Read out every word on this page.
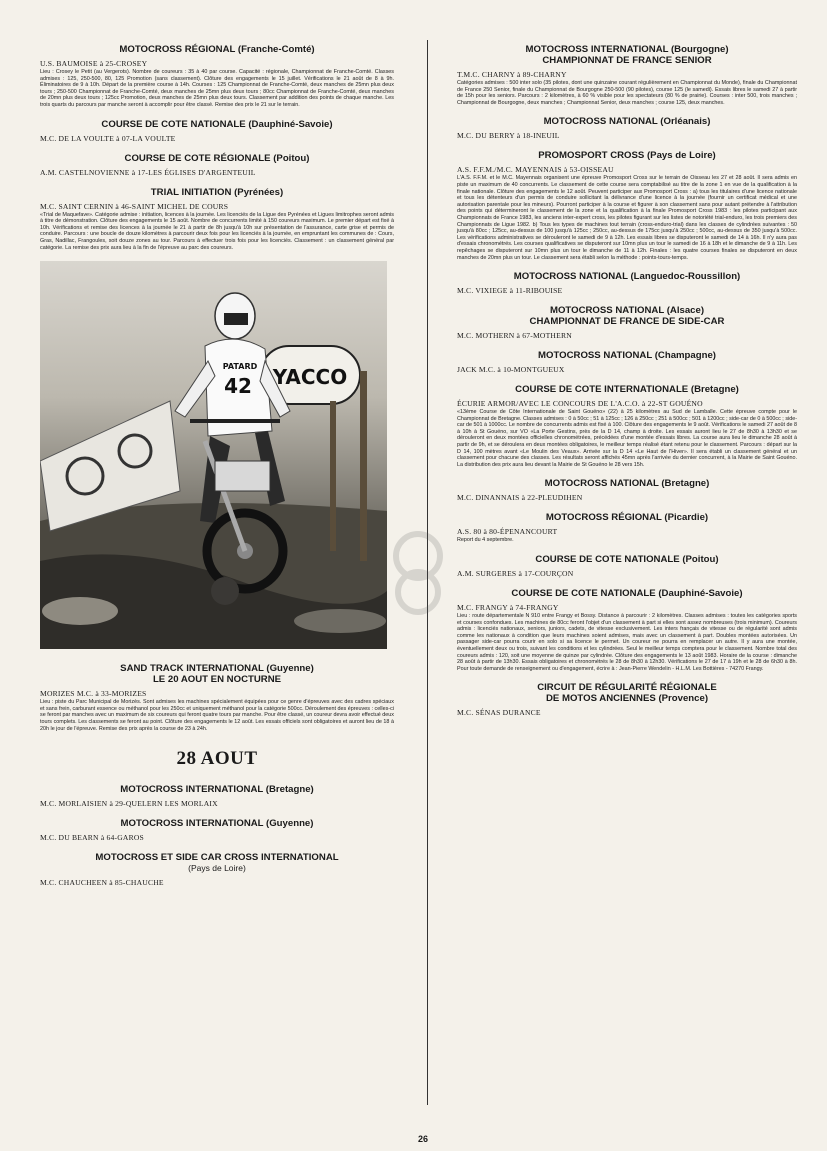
MOTOCROSS RÉGIONAL (Franche-Comté)
U.S. BAUMOISE à 25-CROSEY

Lieu : Crosey le Petit (au Vergerots). Nombre de coureurs : 35 à 40 par course. Capacité : régionale, Championnat de Franche-Comté. Classes admises : 125, 250-500, 80, 125 Promotion (sans classement). Clôture des engagements le 15 juillet. Vérifications le 21 août de 8 à 9h. Éliminatoires de 9 à 10h. Départ de la première course à 14h. Courses : 125 Championnat de Franche-Comté, deux manches de 25mn plus deux tours ; 250-500 Championnat de Franche-Comté, deux manches de 25mn plus deux tours ; 80cc Championnat de Franche-Comté, deux manches de 20mn plus deux tours ; 125cc Promotion, deux manches de 25mn plus deux tours. Classement par addition des points de chaque manche. Les trois quarts du parcours par manche seront à accomplir pour être classé. Remise des prix le 21 sur le terrain.

COURSE DE COTE NATIONALE (Dauphiné-Savoie)
M.C. DE LA VOULTE à 07-LA VOULTE
COURSE DE COTE RÉGIONALE (Poitou)
A.M. CASTELNOVIENNE à 17-LES ÉGLISES D'ARGENTEUIL
TRIAL INITIATION (Pyrénées)
M.C. SAINT CERNIN à 46-SAINT MICHEL DE COURS

«Trial de Maquefave». Catégorie admise : initiation, licences à la journée. Les licenciés de la Ligue des Pyrénées et Ligues limitrophes seront admis à titre de démonstration. Clôture des engagements le 15 août. Nombre de concurrents limité à 150 coureurs maximum. Le premier départ est fixé à 10h. Vérifications et remise des licences à la journée le 21 à partir de 8h jusqu'à 10h sur présentation de l'assurance, carte grise et permis de conduire. Parcours : une boucle de douze kilomètres à parcourir deux fois pour les licenciés à la journée, en empruntant les communes de : Cours, Gras, Nadillac, Frangoules, soit douze zones au tour. Parcours à effectuer trois fois pour les licenciés. Classement : un classement général par catégorie. La remise des prix aura lieu à la fin de l'épreuve au parc des coureurs.

YACCO
PATARD
42
SAND TRACK INTERNATIONAL (Guyenne)
LE 20 AOUT EN NOCTURNE
MORIZES M.C. à 33-MORIZES

Lieu : piste du Parc Municipal de Morizès. Sont admises les machines spécialement équipées pour ce genre d'épreuves avec des cadres spéciaux et sans frein, carburant essence ou méthanol pour les 250cc et uniquement méthanol pour la catégorie 500cc. Déroulement des épreuves : celles-ci se feront par manches avec un maximum de six coureurs qui feront quatre tours par manche. Pour être classé, un coureur devra avoir effectué deux tours complets. Les classements se feront au point. Clôture des engagements le 12 août. Les essais officiels sont obligatoires et auront lieu de 18 à 20h le jour de l'épreuve. Remise des prix après la course de 23 à 24h.

28 AOUT
MOTOCROSS INTERNATIONAL (Bretagne)
M.C. MORLAISIEN à 29-QUELERN LES MORLAIX
MOTOCROSS INTERNATIONAL (Guyenne)
M.C. DU BEARN à 64-GAROS
MOTOCROSS ET SIDE CAR CROSS INTERNATIONAL
(Pays de Loire)
M.C. CHAUCHEEN à 85-CHAUCHE
MOTOCROSS INTERNATIONAL (Bourgogne)
CHAMPIONNAT DE FRANCE SENIOR
T.M.C. CHARNY à 89-CHARNY

Catégories admises : 500 inter solo (35 pilotes, dont une quinzaine courant régulièrement en Championnat du Monde), finale du Championnat de France 250 Senior, finale du Championnat de Bourgogne 250-500 (90 pilotes), course 125 (le samedi). Essais libres le samedi 27 à partir de 15h pour les seniors. Parcours : 2 kilomètres, à 60 % visible pour les spectateurs (80 % de prairie). Courses : inter 500, trois manches ; Championnat de Bourgogne, deux manches ; Championnat Senior, deux manches ; course 125, deux manches.

MOTOCROSS NATIONAL (Orléanais)
M.C. DU BERRY à 18-INEUIL
PROMOSPORT CROSS (Pays de Loire)
A.S. F.F.M./M.C. MAYENNAIS à 53-OISSEAU

L'A.S. F.F.M. et le M.C. Mayennais organisent une épreuve Promosport Cross sur le terrain de Oisseau les 27 et 28 août. Il sera admis en piste un maximum de 40 concurrents. Le classement de cette course sera comptabilisé au titre de la zone 1 en vue de la qualification à la finale nationale. Clôture des engagements le 12 août. Peuvent participer aux Promosport Cross : a) tous les titulaires d'une licence nationale et tous les détenteurs d'un permis de conduire sollicitant la délivrance d'une licence à la journée (fournir un certificat médical et une autorisation parentale pour les mineurs). Pourront participer à la course et figurer à son classement sans pour autant prétendre à l'attribution des points qui détermineront le classement de la zone et la qualification à la finale Promosport Cross 1983 : les pilotes participant aux Championnats de France 1983, les anciens inter-expert cross, les pilotes figurant sur les listes de notoriété trial-enduro, les trois premiers des Championnats de Ligue 1982. b) Tous les types de machines tout terrain (cross-enduro-trial) dans les classes de cylindrées suivantes : 50 jusqu'à 80cc ; 125cc, au-dessus de 100 jusqu'à 125cc ; 250cc, au-dessus de 175cc jusqu'à 250cc ; 500cc, au-dessus de 350 jusqu'à 500cc. Les vérifications administratives se dérouleront le samedi de 9 à 12h. Les essais libres se disputeront le samedi de 14 à 16h. Il n'y aura pas d'essais chronométrés. Les courses qualificatives se disputeront sur 10mn plus un tour le samedi de 16 à 18h et le dimanche de 9 à 11h. Les repêchages se disputeront sur 10mn plus un tour le dimanche de 11 à 12h. Finales : les quatre courses finales se disputeront en deux manches de 20mn plus un tour. Le classement sera établi selon la méthode : points-tours-temps.

MOTOCROSS NATIONAL (Languedoc-Roussillon)
M.C. VIXIEGE à 11-RIBOUISE
MOTOCROSS NATIONAL (Alsace)
CHAMPIONNAT DE FRANCE DE SIDE-CAR
M.C. MOTHERN à 67-MOTHERN
MOTOCROSS NATIONAL (Champagne)
JACK M.C. à 10-MONTGUEUX
COURSE DE COTE INTERNATIONALE (Bretagne)
ÉCURIE ARMOR/AVEC LE CONCOURS DE L'A.C.O. à 22-ST GOUÉNO

«13ème Course de Côte Internationale de Saint Gouéno» (22) à 25 kilomètres au Sud de Lamballe. Cette épreuve compte pour le Championnat de Bretagne. Classes admises : 0 à 50cc ; 51 à 125cc ; 126 à 250cc ; 251 à 500cc ; 501 à 1200cc ; side-car de 0 à 500cc ; side-car de 501 à 1000cc. Le nombre de concurrents admis est fixé à 100. Clôture des engagements le 9 août. Vérifications le samedi 27 août de 8 à 10h à St Gouéno, sur VO «La Porte Gestins, près de la D 14, champ à droite. Les essais auront lieu le 27 de 8h30 à 13h30 et se dérouleront en deux montées officielles chronométrées, précédées d'une montée d'essais libres. La course aura lieu le dimanche 28 août à partir de 9h, et se déroulera en deux montées obligatoires, le meilleur temps réalisé étant retenu pour le classement. Parcours : départ sur la D 14, 100 mètres avant «Le Moulin des Veaux». Arrivée sur la D 14 «Le Haut de l'Hiver». Il sera établi un classement général et un classement pour chacune des classes. Les résultats seront affichés 45mn après l'arrivée du dernier concurrent, à la Mairie de Saint Gouéno. La distribution des prix aura lieu devant la Mairie de St Gouéno le 28 vers 15h.

MOTOCROSS NATIONAL (Bretagne)
M.C. DINANNAIS à 22-PLEUDIHEN
MOTOCROSS RÉGIONAL (Picardie)
A.S. 80 à 80-ÉPENANCOURT

Report du 4 septembre.

COURSE DE COTE NATIONALE (Poitou)
A.M. SURGERES à 17-COURÇON
COURSE DE COTE NATIONALE (Dauphiné-Savoie)
M.C. FRANGY à 74-FRANGY

Lieu : route départementale N 910 entre Frangy et Bossy. Distance à parcourir : 2 kilomètres. Classes admises : toutes les catégories sports et courses confondues. Les machines de 80cc feront l'objet d'un classement à part si elles sont assez nombreuses (trois minimum). Coureurs admis : licenciés nationaux, seniors, juniors, cadets, de vitesse exclusivement. Les inters français de vitesse ou de régularité sont admis comme les nationaux à condition que leurs machines soient admises, mais avec un classement à part. Doubles montées autorisées. Un passager side-car pourra courir en solo si sa licence le permet. Un coureur ne pourra en remplacer un autre. Il y aura une montée, éventuellement deux ou trois, suivant les conditions et les cylindrées. Seul le meilleur temps comptera pour le classement. Nombre total des coureurs admis : 120, soit une moyenne de quinze par cylindrée. Clôture des engagements le 13 août 1983. Horaire de la course : dimanche 28 août à partir de 13h30. Essais obligatoires et chronométrés le 28 de 8h30 à 12h30. Vérifications le 27 de 17 à 19h et le 28 de 6h30 à 8h. Pour toute demande de renseignement ou d'engagement, écrire à : Jean-Pierre Wendelin - H.L.M. Les Bottières - 74270 Frangy.

CIRCUIT DE RÉGULARITÉ RÉGIONALE
DE MOTOS ANCIENNES (Provence)
M.C. SÉNAS DURANCE
26
